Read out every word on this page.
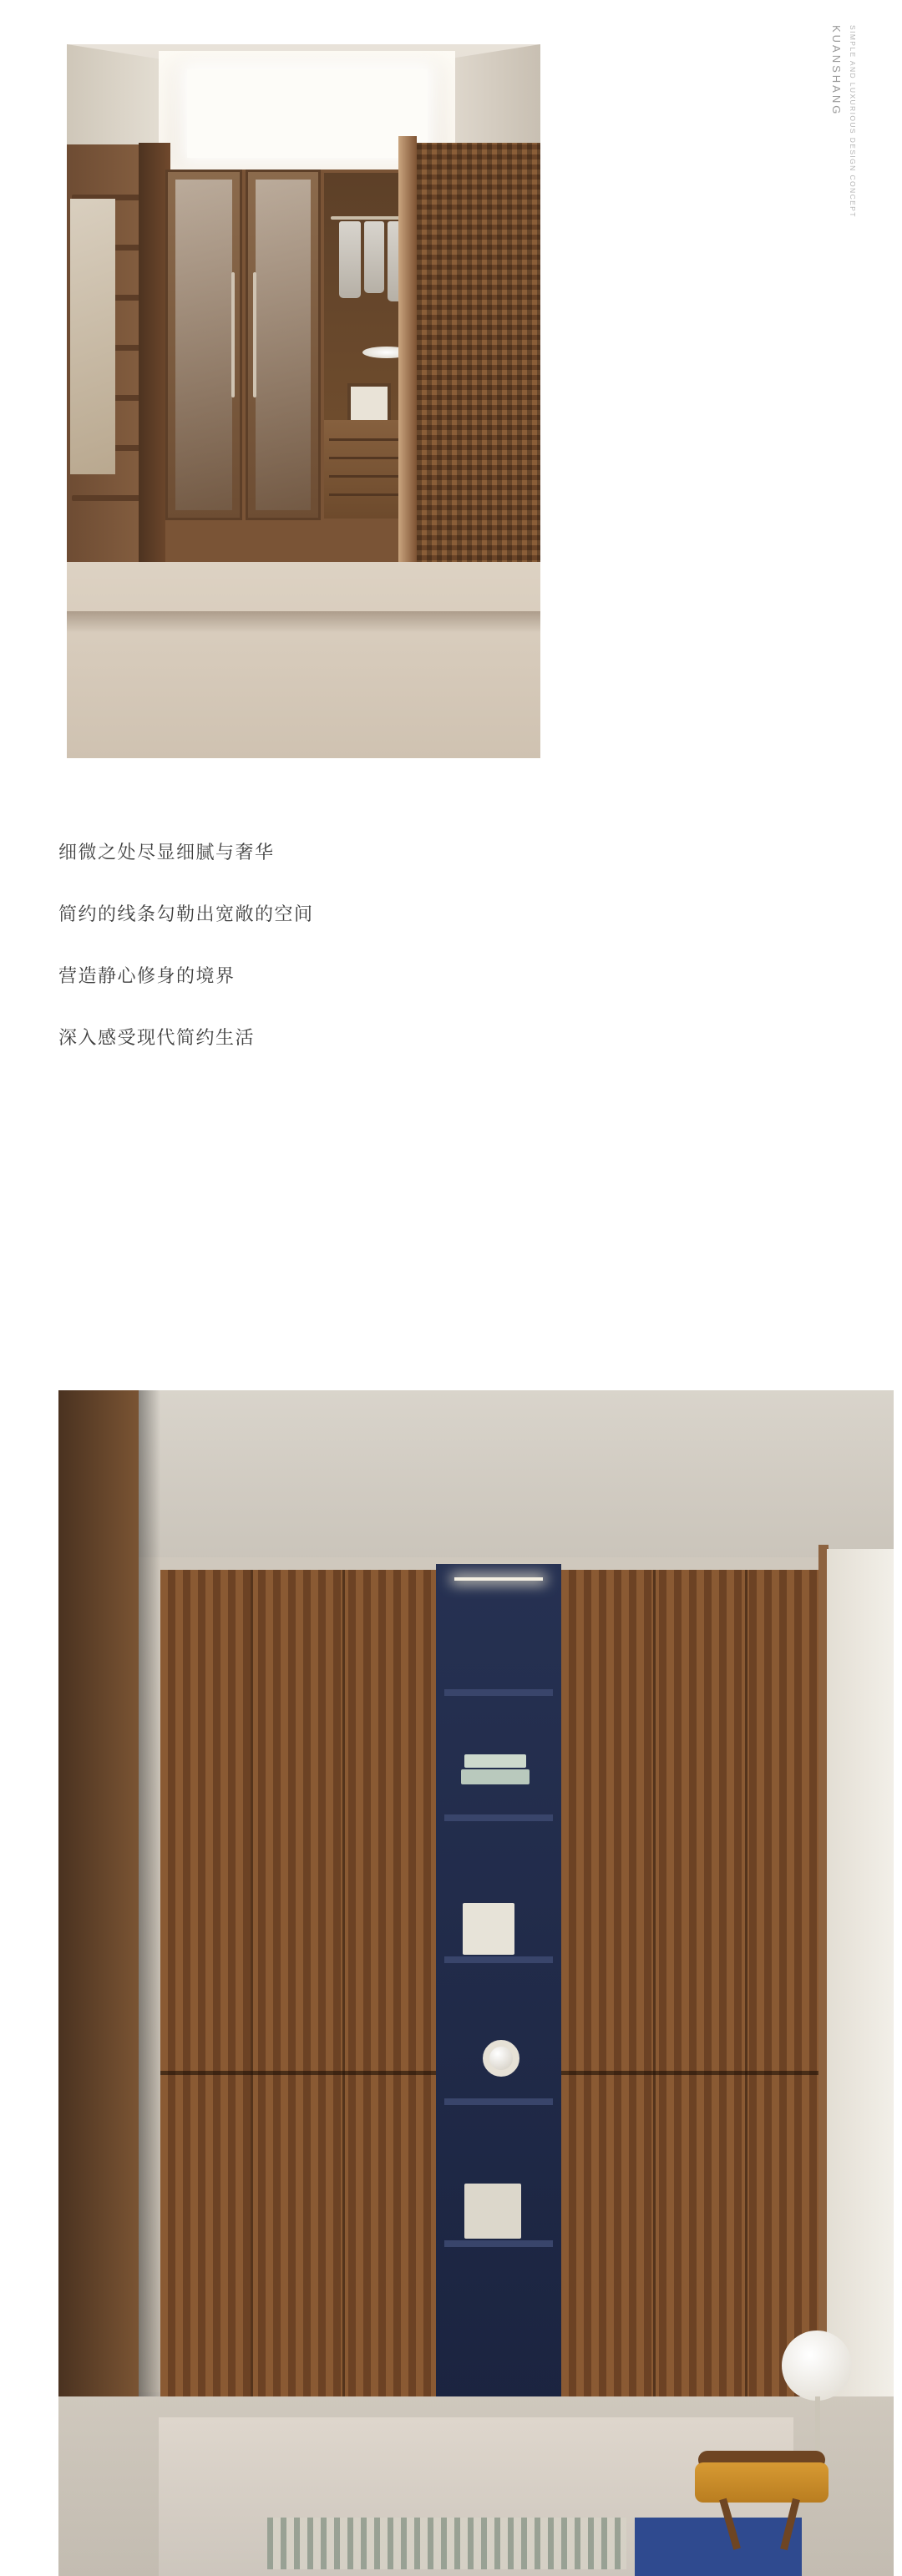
KUANSHANG SIMPLE AND LUXURIOUS DESIGN CONCEPT
细微之处尽显细腻与奢华
简约的线条勾勒出宽敞的空间
营造静心修身的境界
深入感受现代简约生活
